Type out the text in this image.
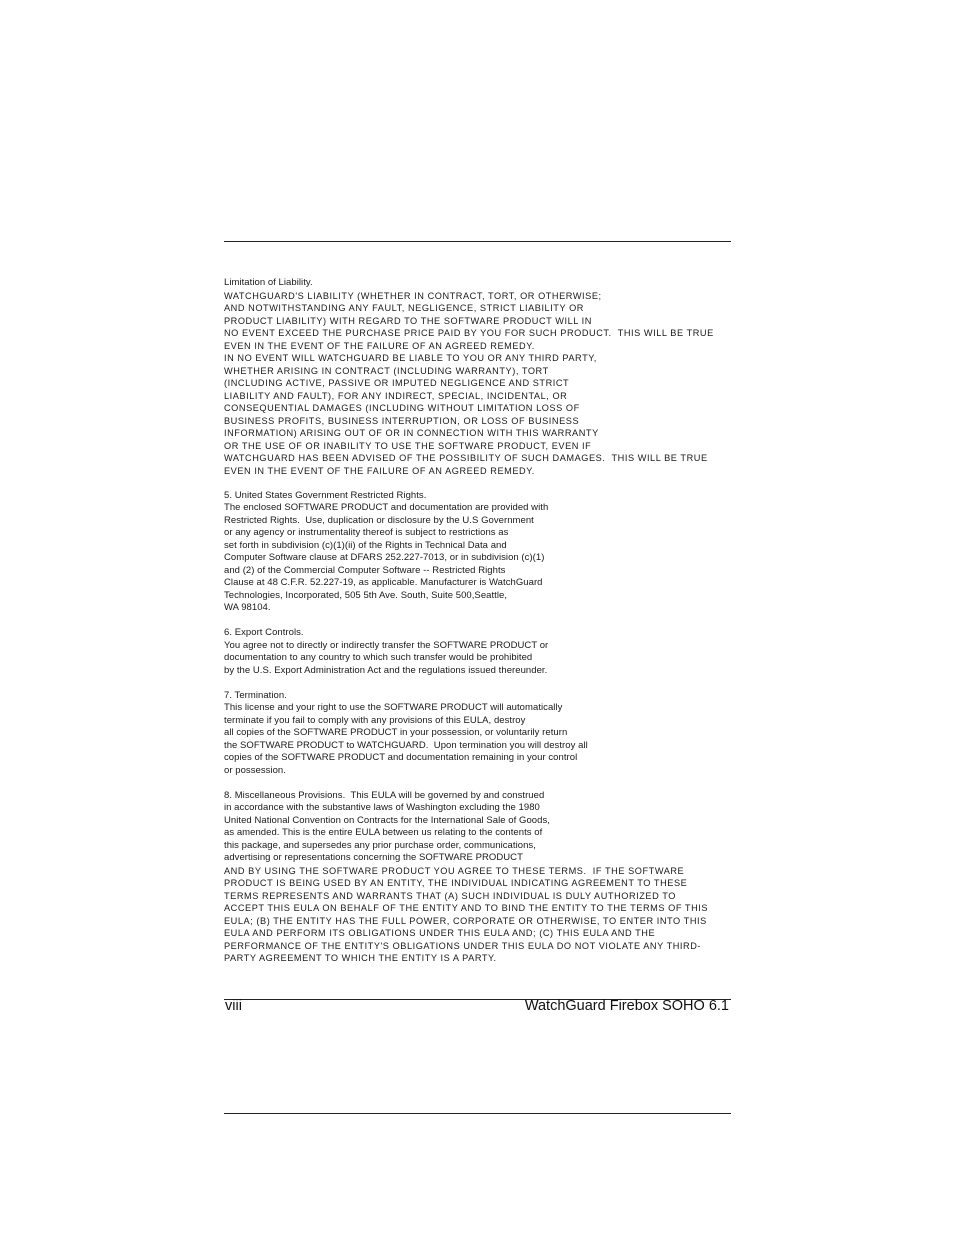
Limitation of Liability.
WATCHGUARD'S LIABILITY (WHETHER IN CONTRACT, TORT, OR OTHERWISE;
AND NOTWITHSTANDING ANY FAULT, NEGLIGENCE, STRICT LIABILITY OR
PRODUCT LIABILITY) WITH REGARD TO THE SOFTWARE PRODUCT WILL IN
NO EVENT EXCEED THE PURCHASE PRICE PAID BY YOU FOR SUCH PRODUCT.  THIS WILL BE TRUE
EVEN IN THE EVENT OF THE FAILURE OF AN AGREED REMEDY.
IN NO EVENT WILL WATCHGUARD BE LIABLE TO YOU OR ANY THIRD PARTY,
WHETHER ARISING IN CONTRACT (INCLUDING WARRANTY), TORT
(INCLUDING ACTIVE, PASSIVE OR IMPUTED NEGLIGENCE AND STRICT
LIABILITY AND FAULT), FOR ANY INDIRECT, SPECIAL, INCIDENTAL, OR
CONSEQUENTIAL DAMAGES (INCLUDING WITHOUT LIMITATION LOSS OF
BUSINESS PROFITS, BUSINESS INTERRUPTION, OR LOSS OF BUSINESS
INFORMATION) ARISING OUT OF OR IN CONNECTION WITH THIS WARRANTY
OR THE USE OF OR INABILITY TO USE THE SOFTWARE PRODUCT, EVEN IF
WATCHGUARD HAS BEEN ADVISED OF THE POSSIBILITY OF SUCH DAMAGES.  THIS WILL BE TRUE
EVEN IN THE EVENT OF THE FAILURE OF AN AGREED REMEDY.
5. United States Government Restricted Rights.
The enclosed SOFTWARE PRODUCT and documentation are provided with
Restricted Rights.  Use, duplication or disclosure by the U.S Government
or any agency or instrumentality thereof is subject to restrictions as
set forth in subdivision (c)(1)(ii) of the Rights in Technical Data and
Computer Software clause at DFARS 252.227-7013, or in subdivision (c)(1)
and (2) of the Commercial Computer Software -- Restricted Rights
Clause at 48 C.F.R. 52.227-19, as applicable. Manufacturer is WatchGuard
Technologies, Incorporated, 505 5th Ave. South, Suite 500,Seattle,
WA 98104.
6. Export Controls.
You agree not to directly or indirectly transfer the SOFTWARE PRODUCT or
documentation to any country to which such transfer would be prohibited
by the U.S. Export Administration Act and the regulations issued thereunder.
7. Termination.
This license and your right to use the SOFTWARE PRODUCT will automatically
terminate if you fail to comply with any provisions of this EULA, destroy
all copies of the SOFTWARE PRODUCT in your possession, or voluntarily return
the SOFTWARE PRODUCT to WATCHGUARD.  Upon termination you will destroy all
copies of the SOFTWARE PRODUCT and documentation remaining in your control
or possession.
8. Miscellaneous Provisions.  This EULA will be governed by and construed
in accordance with the substantive laws of Washington excluding the 1980
United National Convention on Contracts for the International Sale of Goods,
as amended. This is the entire EULA between us relating to the contents of
this package, and supersedes any prior purchase order, communications,
advertising or representations concerning the SOFTWARE PRODUCT
AND BY USING THE SOFTWARE PRODUCT YOU AGREE TO THESE TERMS.  IF THE SOFTWARE
PRODUCT IS BEING USED BY AN ENTITY, THE INDIVIDUAL INDICATING AGREEMENT TO THESE
TERMS REPRESENTS AND WARRANTS THAT (A) SUCH INDIVIDUAL IS DULY AUTHORIZED TO
ACCEPT THIS EULA ON BEHALF OF THE ENTITY AND TO BIND THE ENTITY TO THE TERMS OF THIS
EULA; (B) THE ENTITY HAS THE FULL POWER, CORPORATE OR OTHERWISE, TO ENTER INTO THIS
EULA AND PERFORM ITS OBLIGATIONS UNDER THIS EULA AND; (C) THIS EULA AND THE
PERFORMANCE OF THE ENTITY'S OBLIGATIONS UNDER THIS EULA DO NOT VIOLATE ANY THIRD-
PARTY AGREEMENT TO WHICH THE ENTITY IS A PARTY.
viii	WatchGuard Firebox SOHO 6.1
